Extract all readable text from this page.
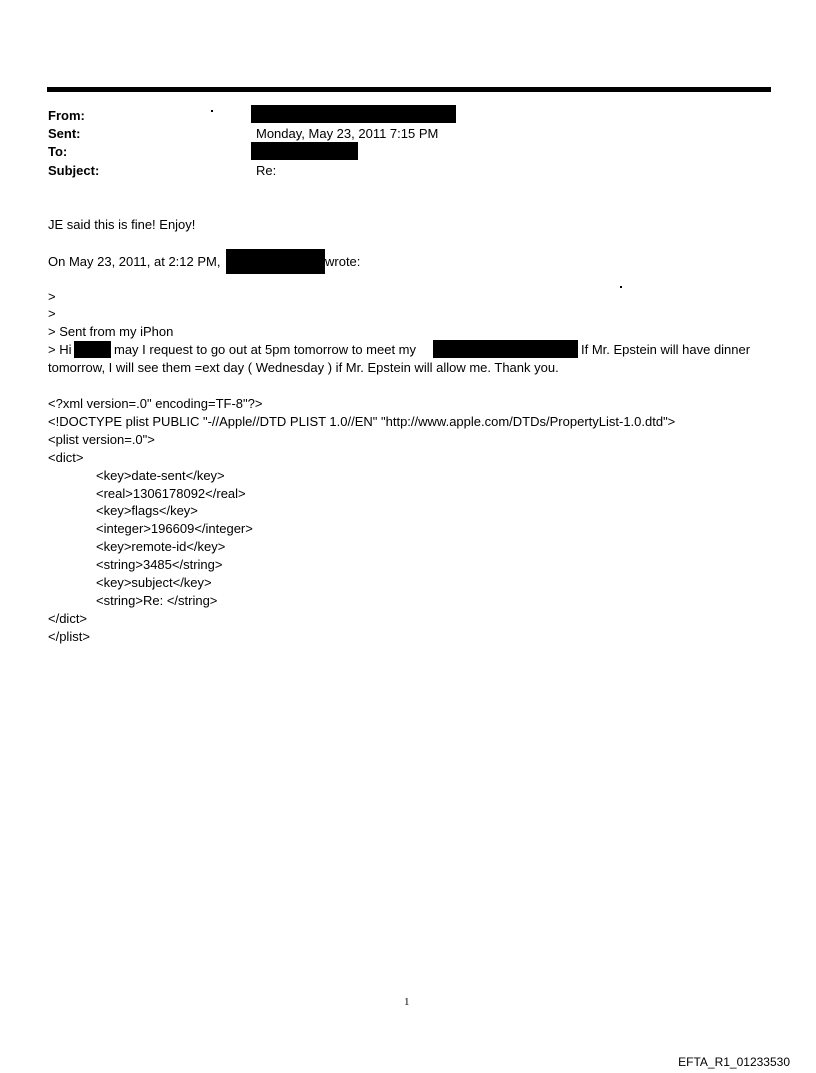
From:
Sent:	Monday, May 23, 2011 7:15 PM
To:
Subject:	Re:
JE said this is fine! Enjoy!
On May 23, 2011, at 2:12 PM,	wrote:
>
>
> Sent from my iPhon
> Hi	may I request to go out at 5pm tomorrow to meet my	If Mr. Epstein will have dinner
tomorrow, I will see them =ext day ( Wednesday ) if Mr. Epstein will allow me. Thank you.
<?xml version=.0" encoding=TF-8"?>
<!DOCTYPE plist PUBLIC "-//Apple//DTD PLIST 1.0//EN" "http://www.apple.com/DTDs/PropertyList-1.0.dtd">
<plist version=.0">
<dict>
<key>date-sent</key>
<real>1306178092</real>
<key>flags</key>
<integer>196609</integer>
<key>remote-id</key>
<string>3485</string>
<key>subject</key>
<string>Re: </string>
</dict>
</plist>
1
EFTA_R1_01233530
